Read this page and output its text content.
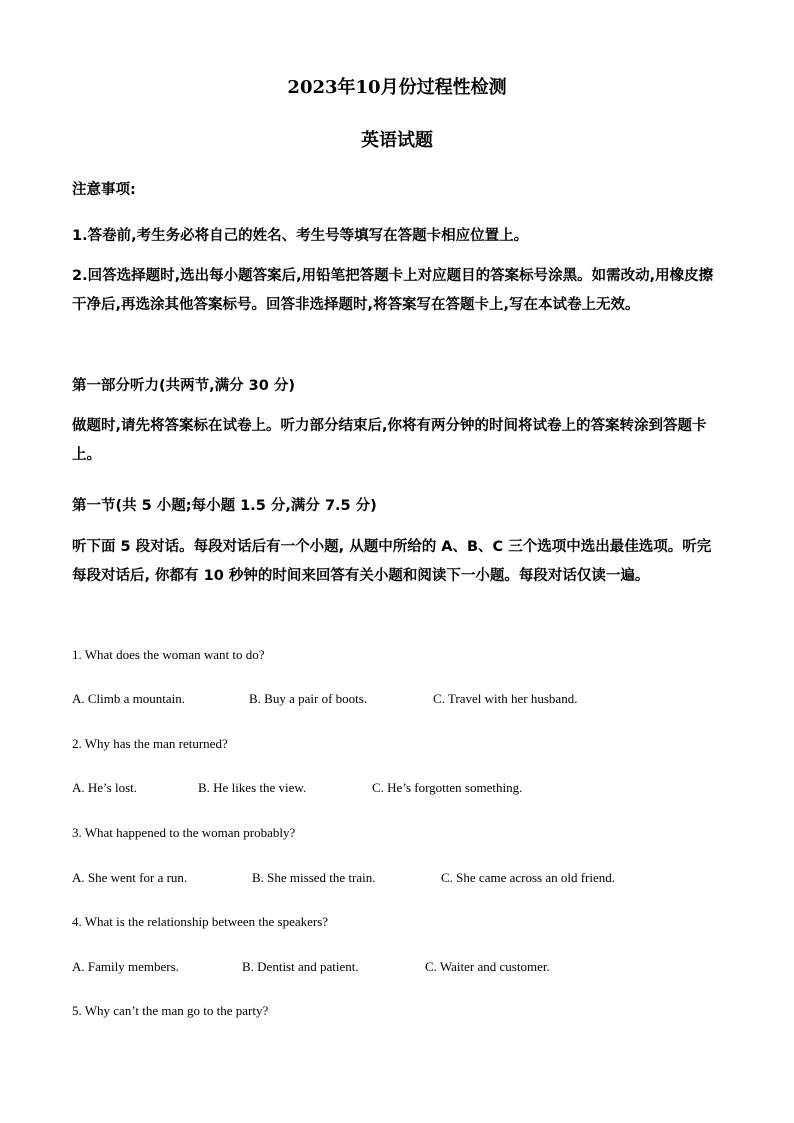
2023年10月份过程性检测
英语试题
注意事项:
1.答卷前,考生务必将自己的姓名、考生号等填写在答题卡相应位置上。
2.回答选择题时,选出每小题答案后,用铅笔把答题卡上对应题目的答案标号涂黑。如需改动,用橡皮擦干净后,再选涂其他答案标号。回答非选择题时,将答案写在答题卡上,写在本试卷上无效。
第一部分听力(共两节,满分 30 分)
做题时,请先将答案标在试卷上。听力部分结束后,你将有两分钟的时间将试卷上的答案转涂到答题卡上。
第一节(共 5 小题;每小题 1.5 分,满分 7.5 分)
听下面 5 段对话。每段对话后有一个小题, 从题中所给的 A、B、C 三个选项中选出最佳选项。听完每段对话后, 你都有 10 秒钟的时间来回答有关小题和阅读下一小题。每段对话仅读一遍。
1. What does the woman want to do?
A. Climb a mountain.	B. Buy a pair of boots.	C. Travel with her husband.
2. Why has the man returned?
A. He’s lost.	B. He likes the view.	C. He’s forgotten something.
3. What happened to the woman probably?
A. She went for a run.	B. She missed the train.	C. She came across an old friend.
4. What is the relationship between the speakers?
A. Family members.	B. Dentist and patient.	C. Waiter and customer.
5. Why can’t the man go to the party?
